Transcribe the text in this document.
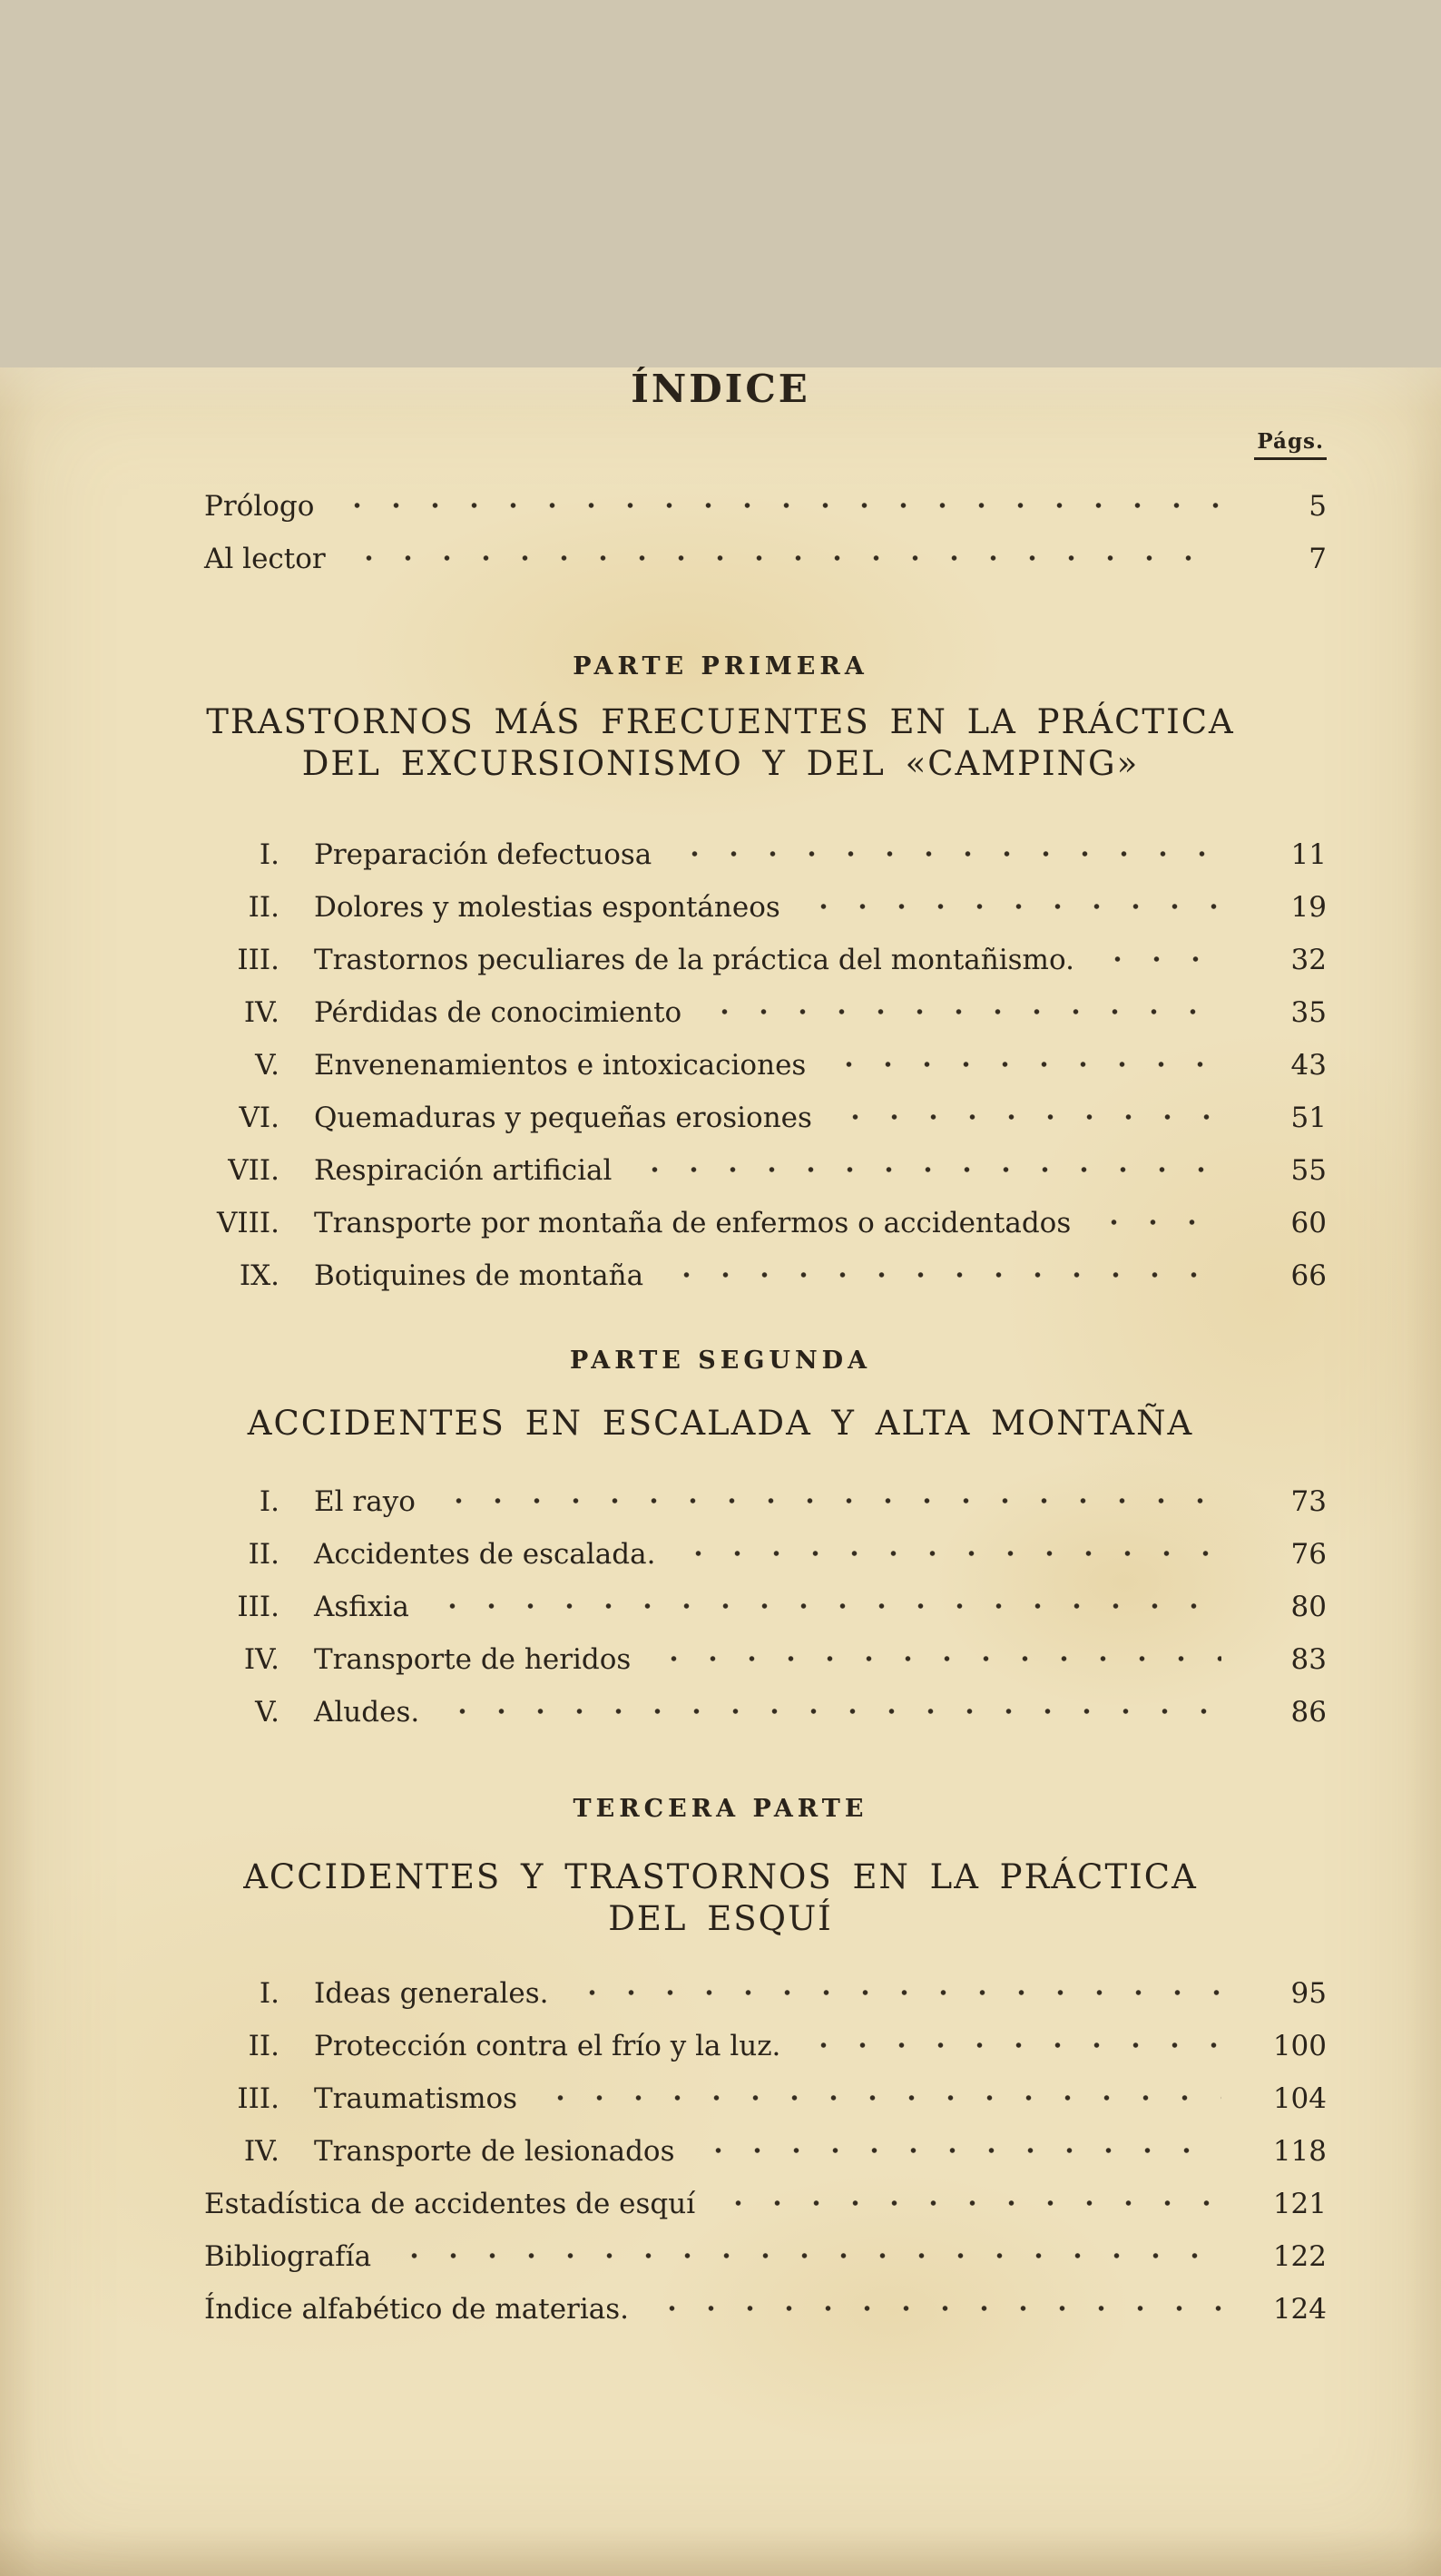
ÍNDICE
Págs.
Prólogo	5
Al lector	7
PARTE PRIMERA
TRASTORNOS MÁS FRECUENTES EN LA PRÁCTICA
DEL EXCURSIONISMO Y DEL «CAMPING»
I. Preparación defectuosa	11
II. Dolores y molestias espontáneos	19
III. Trastornos peculiares de la práctica del montañismo.	32
IV. Pérdidas de conocimiento	35
V. Envenenamientos e intoxicaciones	43
VI. Quemaduras y pequeñas erosiones	51
VII. Respiración artificial	55
VIII. Transporte por montaña de enfermos o accidentados	60
IX. Botiquines de montaña	66
PARTE SEGUNDA
ACCIDENTES EN ESCALADA Y ALTA MONTAÑA
I. El rayo	73
II. Accidentes de escalada.	76
III. Asfixia	80
IV. Transporte de heridos	83
V. Aludes.	86
TERCERA PARTE
ACCIDENTES Y TRASTORNOS EN LA PRÁCTICA
DEL ESQUÍ
I. Ideas generales.	95
II. Protección contra el frío y la luz.	100
III. Traumatismos	104
IV. Transporte de lesionados	118
Estadística de accidentes de esquí	121
Bibliografía	122
Índice alfabético de materias.	124
